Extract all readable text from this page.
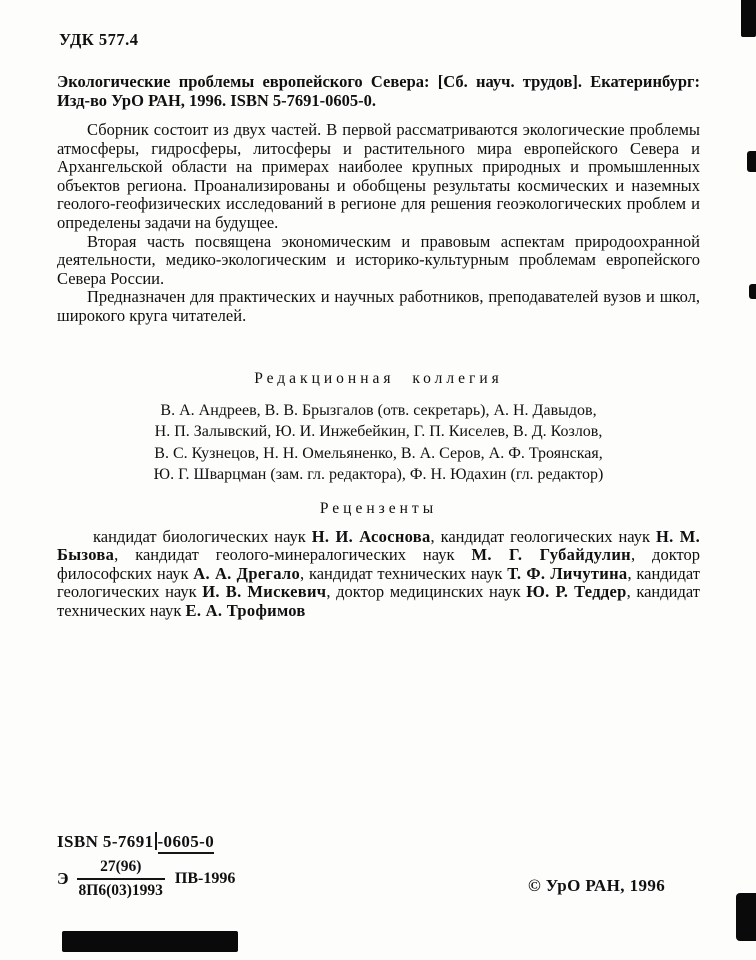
УДК 577.4

Экологические проблемы европейского Севера: [Сб. науч. трудов]. Екатеринбург: Изд-во УрО РАН, 1996. ISBN 5-7691-0605-0.

Сборник состоит из двух частей. В первой рассматриваются экологические проблемы атмосферы, гидросферы, литосферы и растительного мира европейского Севера и Архангельской области на примерах наиболее крупных природных и промышленных объектов региона. Проанализированы и обобщены результаты космических и наземных геолого-геофизических исследований в регионе для решения геоэкологических проблем и определены задачи на будущее.

Вторая часть посвящена экономическим и правовым аспектам природоохранной деятельности, медико-экологическим и историко-культурным проблемам европейского Севера России.

Предназначен для практических и научных работников, преподавателей вузов и школ, широкого круга читателей.

Редакционная коллегия
В. А. Андреев, В. В. Брызгалов (отв. секретарь), А. Н. Давыдов,
Н. П. Залывский, Ю. И. Инжебейкин, Г. П. Киселев, В. Д. Козлов,
В. С. Кузнецов, Н. Н. Омельяненко, В. А. Серов, А. Ф. Троянская,
Ю. Г. Шварцман (зам. гл. редактора), Ф. Н. Юдахин (гл. редактор)
Рецензенты

кандидат биологических наук Н. И. Асоснова, кандидат геологических наук Н. М. Бызова, кандидат геолого-минералогических наук М. Г. Губайдулин, доктор философских наук А. А. Дрегало, кандидат технических наук Т. Ф. Личутина, кандидат геологических наук И. В. Мискевич, доктор медицинских наук Ю. Р. Теддер, кандидат технических наук Е. А. Трофимов

ISBN 5-7691 -0605-0
Э $\frac{27(96)}{8П6(03)1993} ПВ-1996$	© УрО РАН, 1996
